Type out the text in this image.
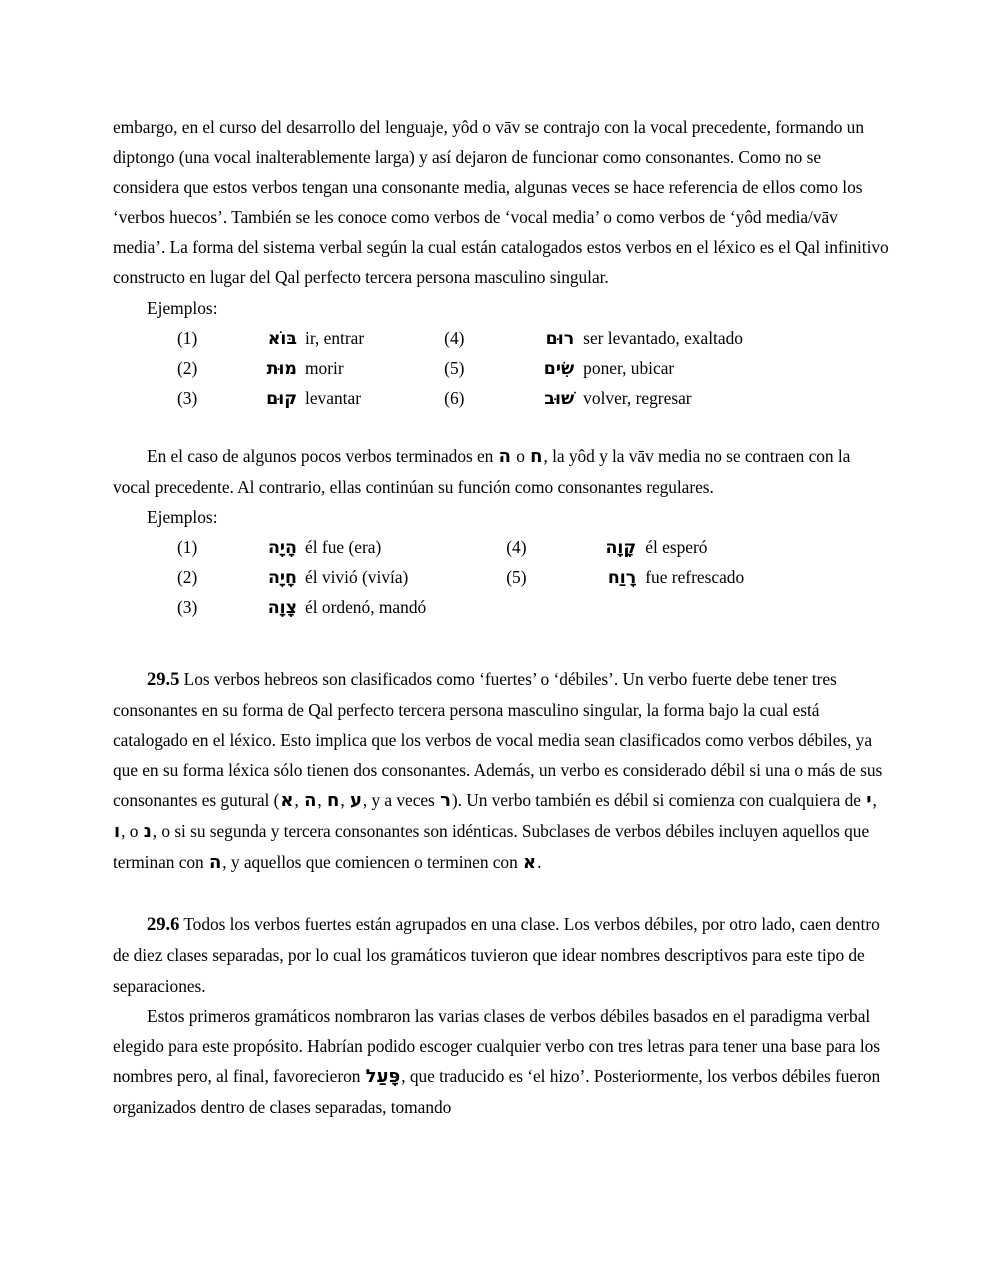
embargo, en el curso del desarrollo del lenguaje, yôd o vāv se contrajo con la vocal precedente, formando un diptongo (una vocal inalterablemente larga) y así dejaron de funcionar como consonantes. Como no se considera que estos verbos tengan una consonante media, algunas veces se hace referencia de ellos como los ‘verbos huecos’. También se les conoce como verbos de ‘vocal media’ o como verbos de ‘yôd media/vāv media’. La forma del sistema verbal según la cual están catalogados estos verbos en el léxico es el Qal infinitivo constructo en lugar del Qal perfecto tercera persona masculino singular.

Ejemplos:
(1)	בּוֹא	ir, entrar		(4)	רוּם	ser levantado, exaltado
(2)	מוּת	morir		(5)	שִׂים	poner, ubicar
(3)	קוּם	levantar		(6)	שׁוּב	volver, regresar

En el caso de algunos pocos verbos terminados en ה o ח, la yôd y la vāv media no se contraen con la vocal precedente. Al contrario, ellas continúan su función como consonantes regulares.

Ejemplos:
(1)	הָיָה	él fue (era)		(4)	קָוָה	él esperó
(2)	חָיָה	él vivió (vivía)		(5)	רָוַח	fue refrescado
(3)	צָוָה	él ordenó, mandó				

29.5 Los verbos hebreos son clasificados como ‘fuertes’ o ‘débiles’. Un verbo fuerte debe tener tres consonantes en su forma de Qal perfecto tercera persona masculino singular, la forma bajo la cual está catalogado en el léxico. Esto implica que los verbos de vocal media sean clasificados como verbos débiles, ya que en su forma léxica sólo tienen dos consonantes. Además, un verbo es considerado débil si una o más de sus consonantes es gutural (א, ה, ח, ע, y a veces ר). Un verbo también es débil si comienza con cualquiera de י, ו, o נ, o si su segunda y tercera consonantes son idénticas. Subclases de verbos débiles incluyen aquellos que terminan con ה, y aquellos que comiencen o terminen con א.

29.6 Todos los verbos fuertes están agrupados en una clase. Los verbos débiles, por otro lado, caen dentro de diez clases separadas, por lo cual los gramáticos tuvieron que idear nombres descriptivos para este tipo de separaciones.

Estos primeros gramáticos nombraron las varias clases de verbos débiles basados en el paradigma verbal elegido para este propósito. Habrían podido escoger cualquier verbo con tres letras para tener una base para los nombres pero, al final, favorecieron פָּעַל, que traducido es ‘el hizo’. Posteriormente, los verbos débiles fueron organizados dentro de clases separadas, tomando
